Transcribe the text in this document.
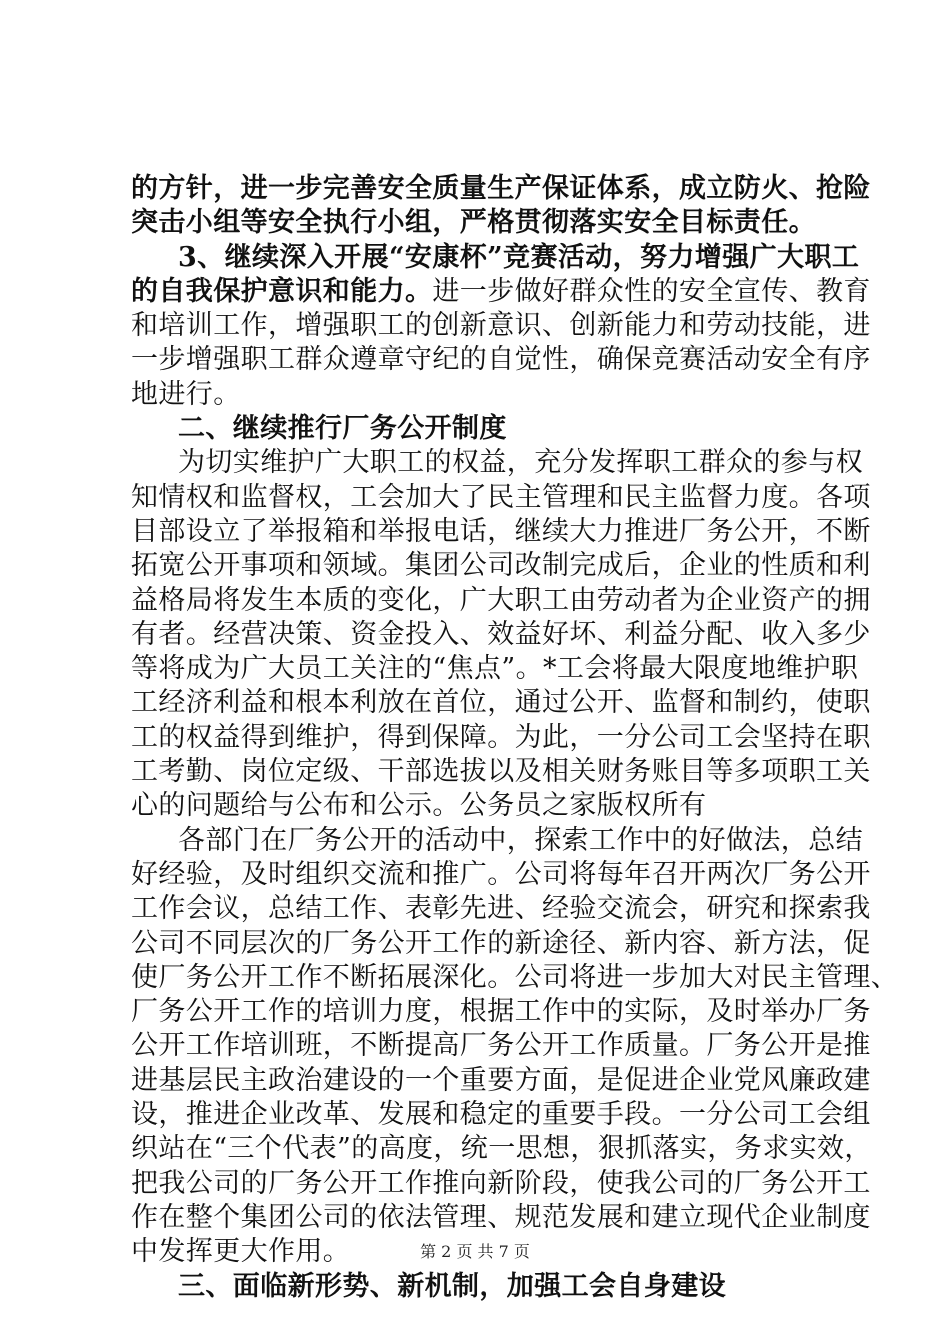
的方针，进一步完善安全质量生产保证体系，成立防火、抢险
突击小组等安全执行小组，严格贯彻落实安全目标责任。
3、继续深入开展“安康杯”竞赛活动，努力增强广大职工
的自我保护意识和能力。进一步做好群众性的安全宣传、教育
和培训工作，增强职工的创新意识、创新能力和劳动技能，进
一步增强职工群众遵章守纪的自觉性，确保竞赛活动安全有序
地进行。
二、继续推行厂务公开制度
为切实维护广大职工的权益，充分发挥职工群众的参与权
知情权和监督权，工会加大了民主管理和民主监督力度。各项
目部设立了举报箱和举报电话，继续大力推进厂务公开，不断
拓宽公开事项和领域。集团公司改制完成后，企业的性质和利
益格局将发生本质的变化，广大职工由劳动者为企业资产的拥
有者。经营决策、资金投入、效益好坏、利益分配、收入多少
等将成为广大员工关注的“焦点”。*工会将最大限度地维护职
工经济利益和根本利放在首位，通过公开、监督和制约，使职
工的权益得到维护，得到保障。为此，一分公司工会坚持在职
工考勤、岗位定级、干部选拔以及相关财务账目等多项职工关
心的问题给与公布和公示。公务员之家版权所有
各部门在厂务公开的活动中，探索工作中的好做法，总结
好经验，及时组织交流和推广。公司将每年召开两次厂务公开
工作会议，总结工作、表彰先进、经验交流会，研究和探索我
公司不同层次的厂务公开工作的新途径、新内容、新方法，促
使厂务公开工作不断拓展深化。公司将进一步加大对民主管理、
厂务公开工作的培训力度，根据工作中的实际，及时举办厂务
公开工作培训班，不断提高厂务公开工作质量。厂务公开是推
进基层民主政治建设的一个重要方面，是促进企业党风廉政建
设，推进企业改革、发展和稳定的重要手段。一分公司工会组
织站在“三个代表”的高度，统一思想，狠抓落实，务求实效，
把我公司的厂务公开工作推向新阶段，使我公司的厂务公开工
作在整个集团公司的依法管理、规范发展和建立现代企业制度
中发挥更大作用。
三、面临新形势、新机制，加强工会自身建设
第 2 页 共 7 页
